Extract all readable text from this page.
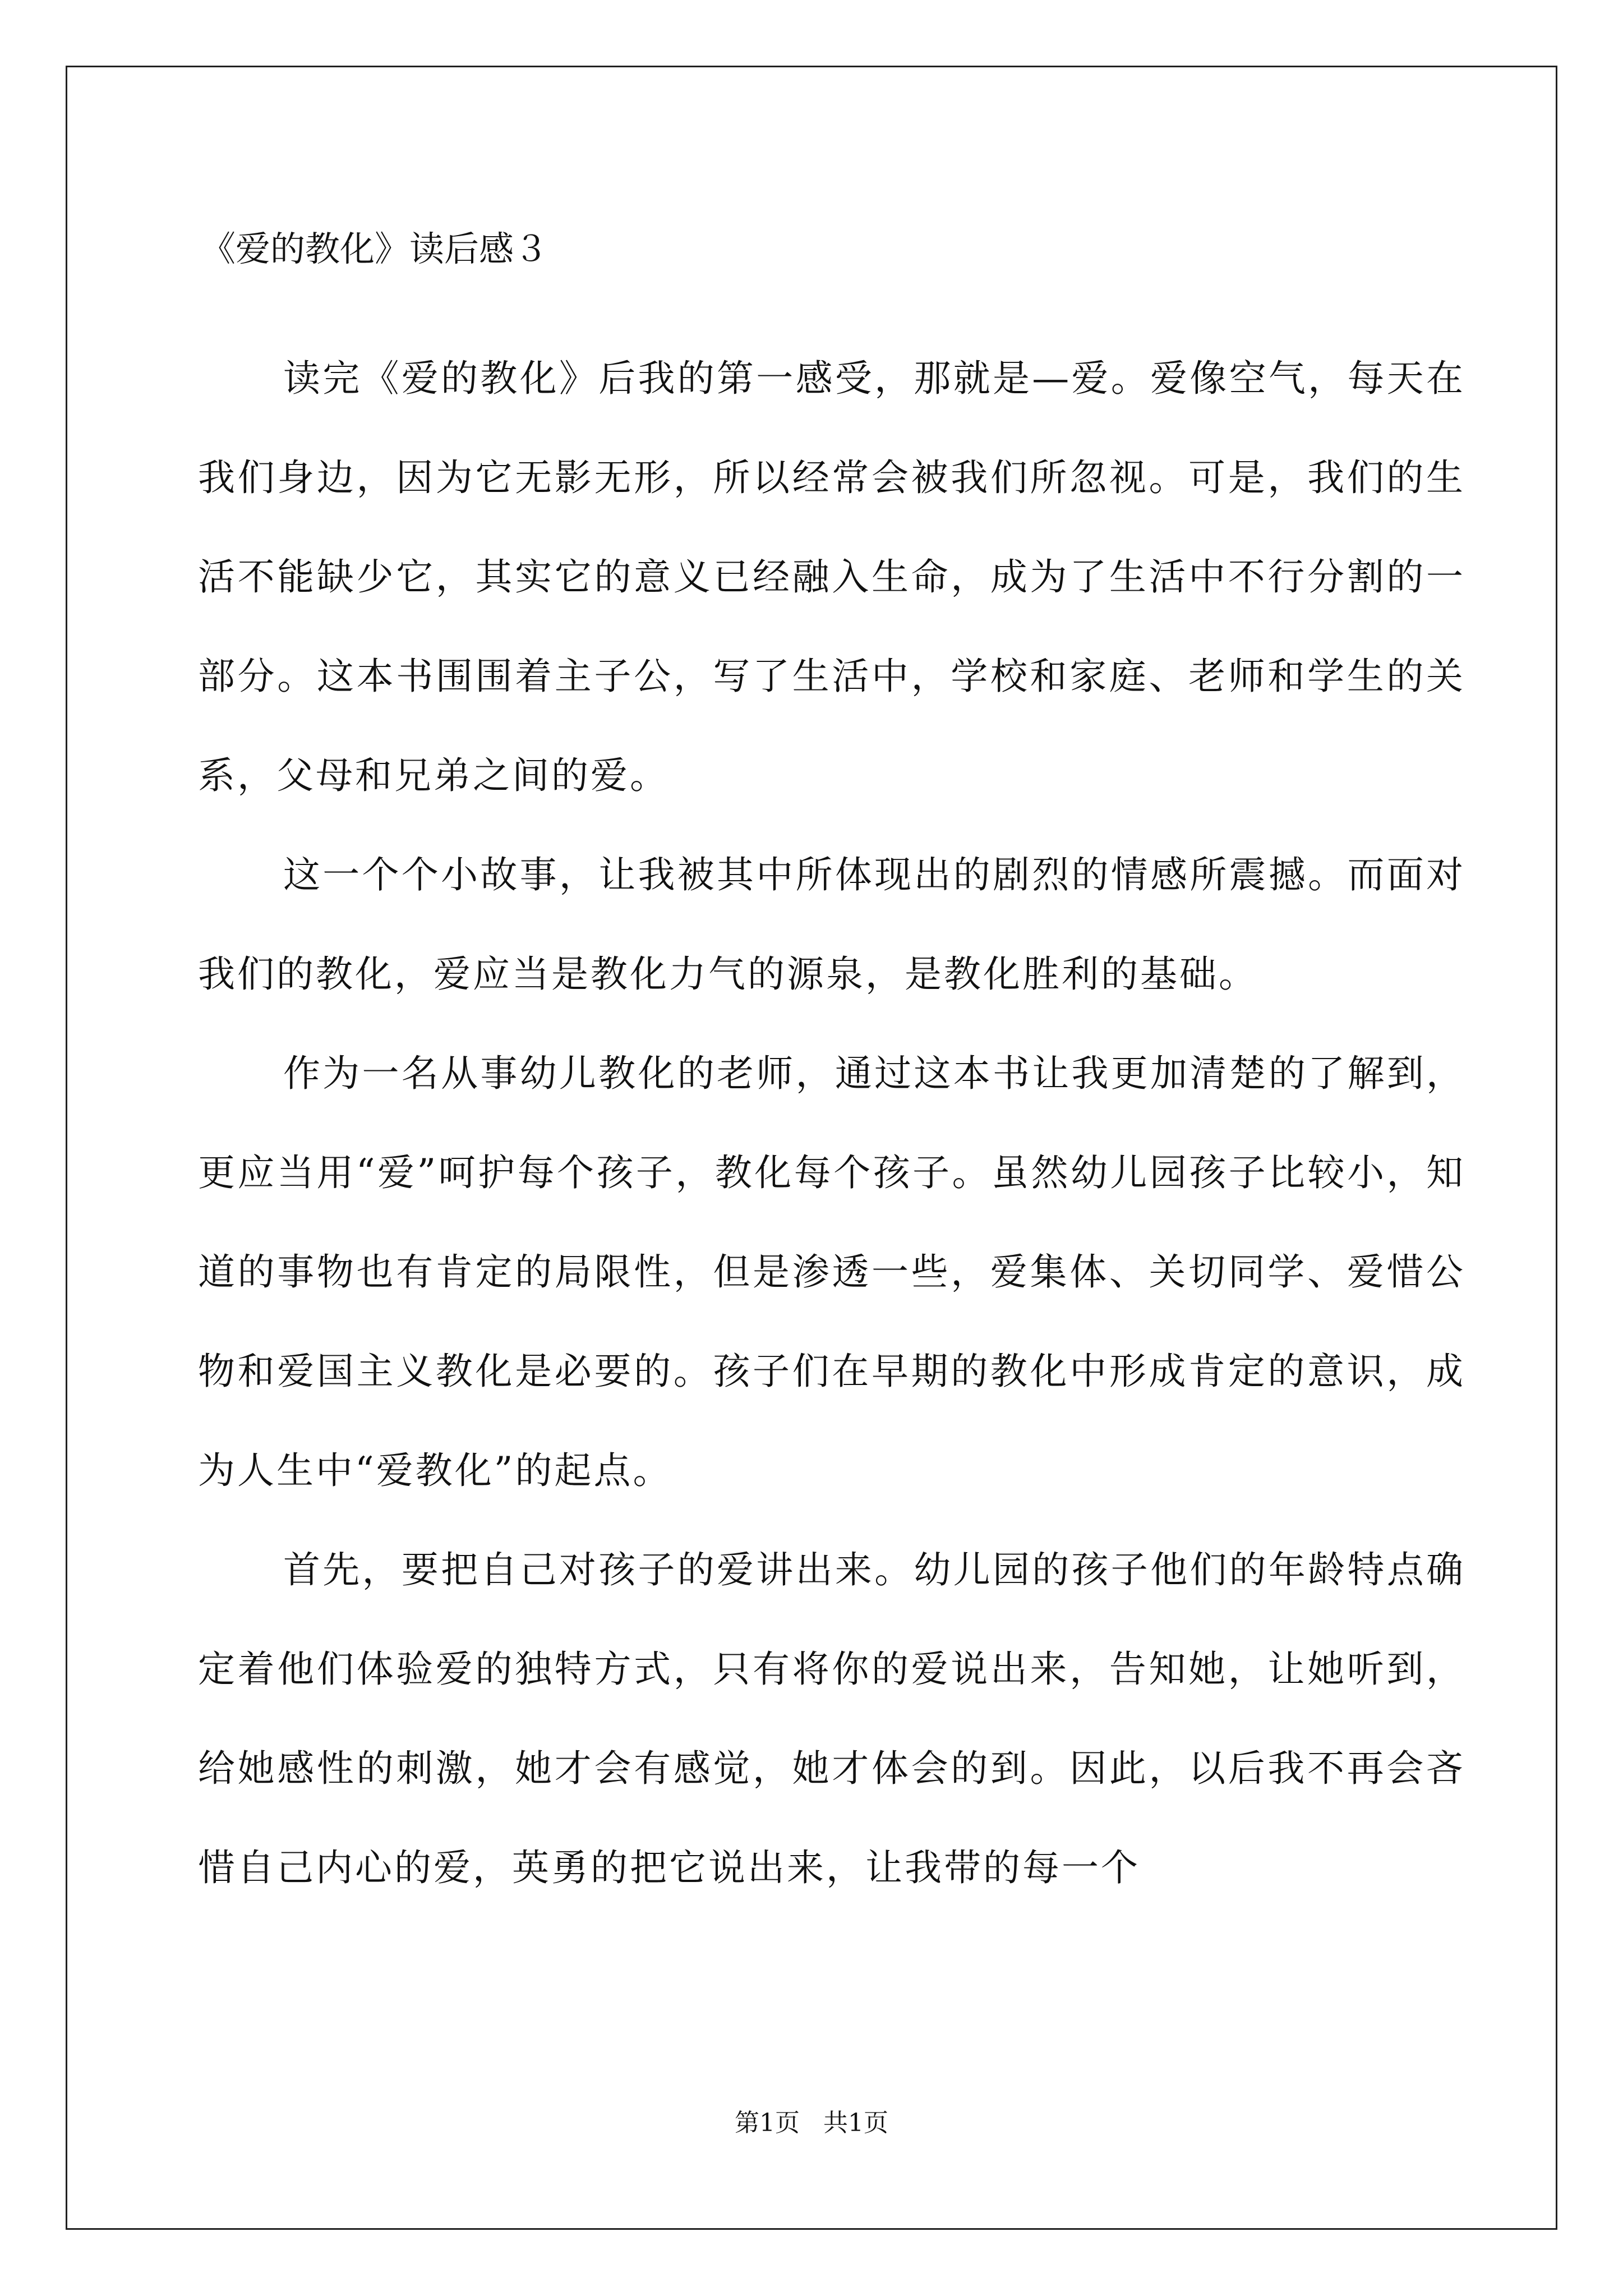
《爱的教化》读后感３

读完《爱的教化》后我的第一感受，那就是—爱。爱像空气，每天在我们身边，因为它无影无形，所以经常会被我们所忽视。可是，我们的生活不能缺少它，其实它的意义已经融入生命，成为了生活中不行分割的一部分。这本书围围着主子公，写了生活中，学校和家庭、老师和学生的关系，父母和兄弟之间的爱。

这一个个小故事，让我被其中所体现出的剧烈的情感所震撼。而面对我们的教化，爱应当是教化力气的源泉，是教化胜利的基础。

作为一名从事幼儿教化的老师，通过这本书让我更加清楚的了解到，更应当用“爱”呵护每个孩子，教化每个孩子。虽然幼儿园孩子比较小，知道的事物也有肯定的局限性，但是渗透一些，爱集体、关切同学、爱惜公物和爱国主义教化是必要的。孩子们在早期的教化中形成肯定的意识，成为人生中“爱教化”的起点。

首先，要把自己对孩子的爱讲出来。幼儿园的孩子他们的年龄特点确定着他们体验爱的独特方式，只有将你的爱说出来，告知她，让她听到，给她感性的刺激，她才会有感觉，她才体会的到。因此，以后我不再会吝惜自己内心的爱，英勇的把它说出来，让我带的每一个

第1页   共1页
